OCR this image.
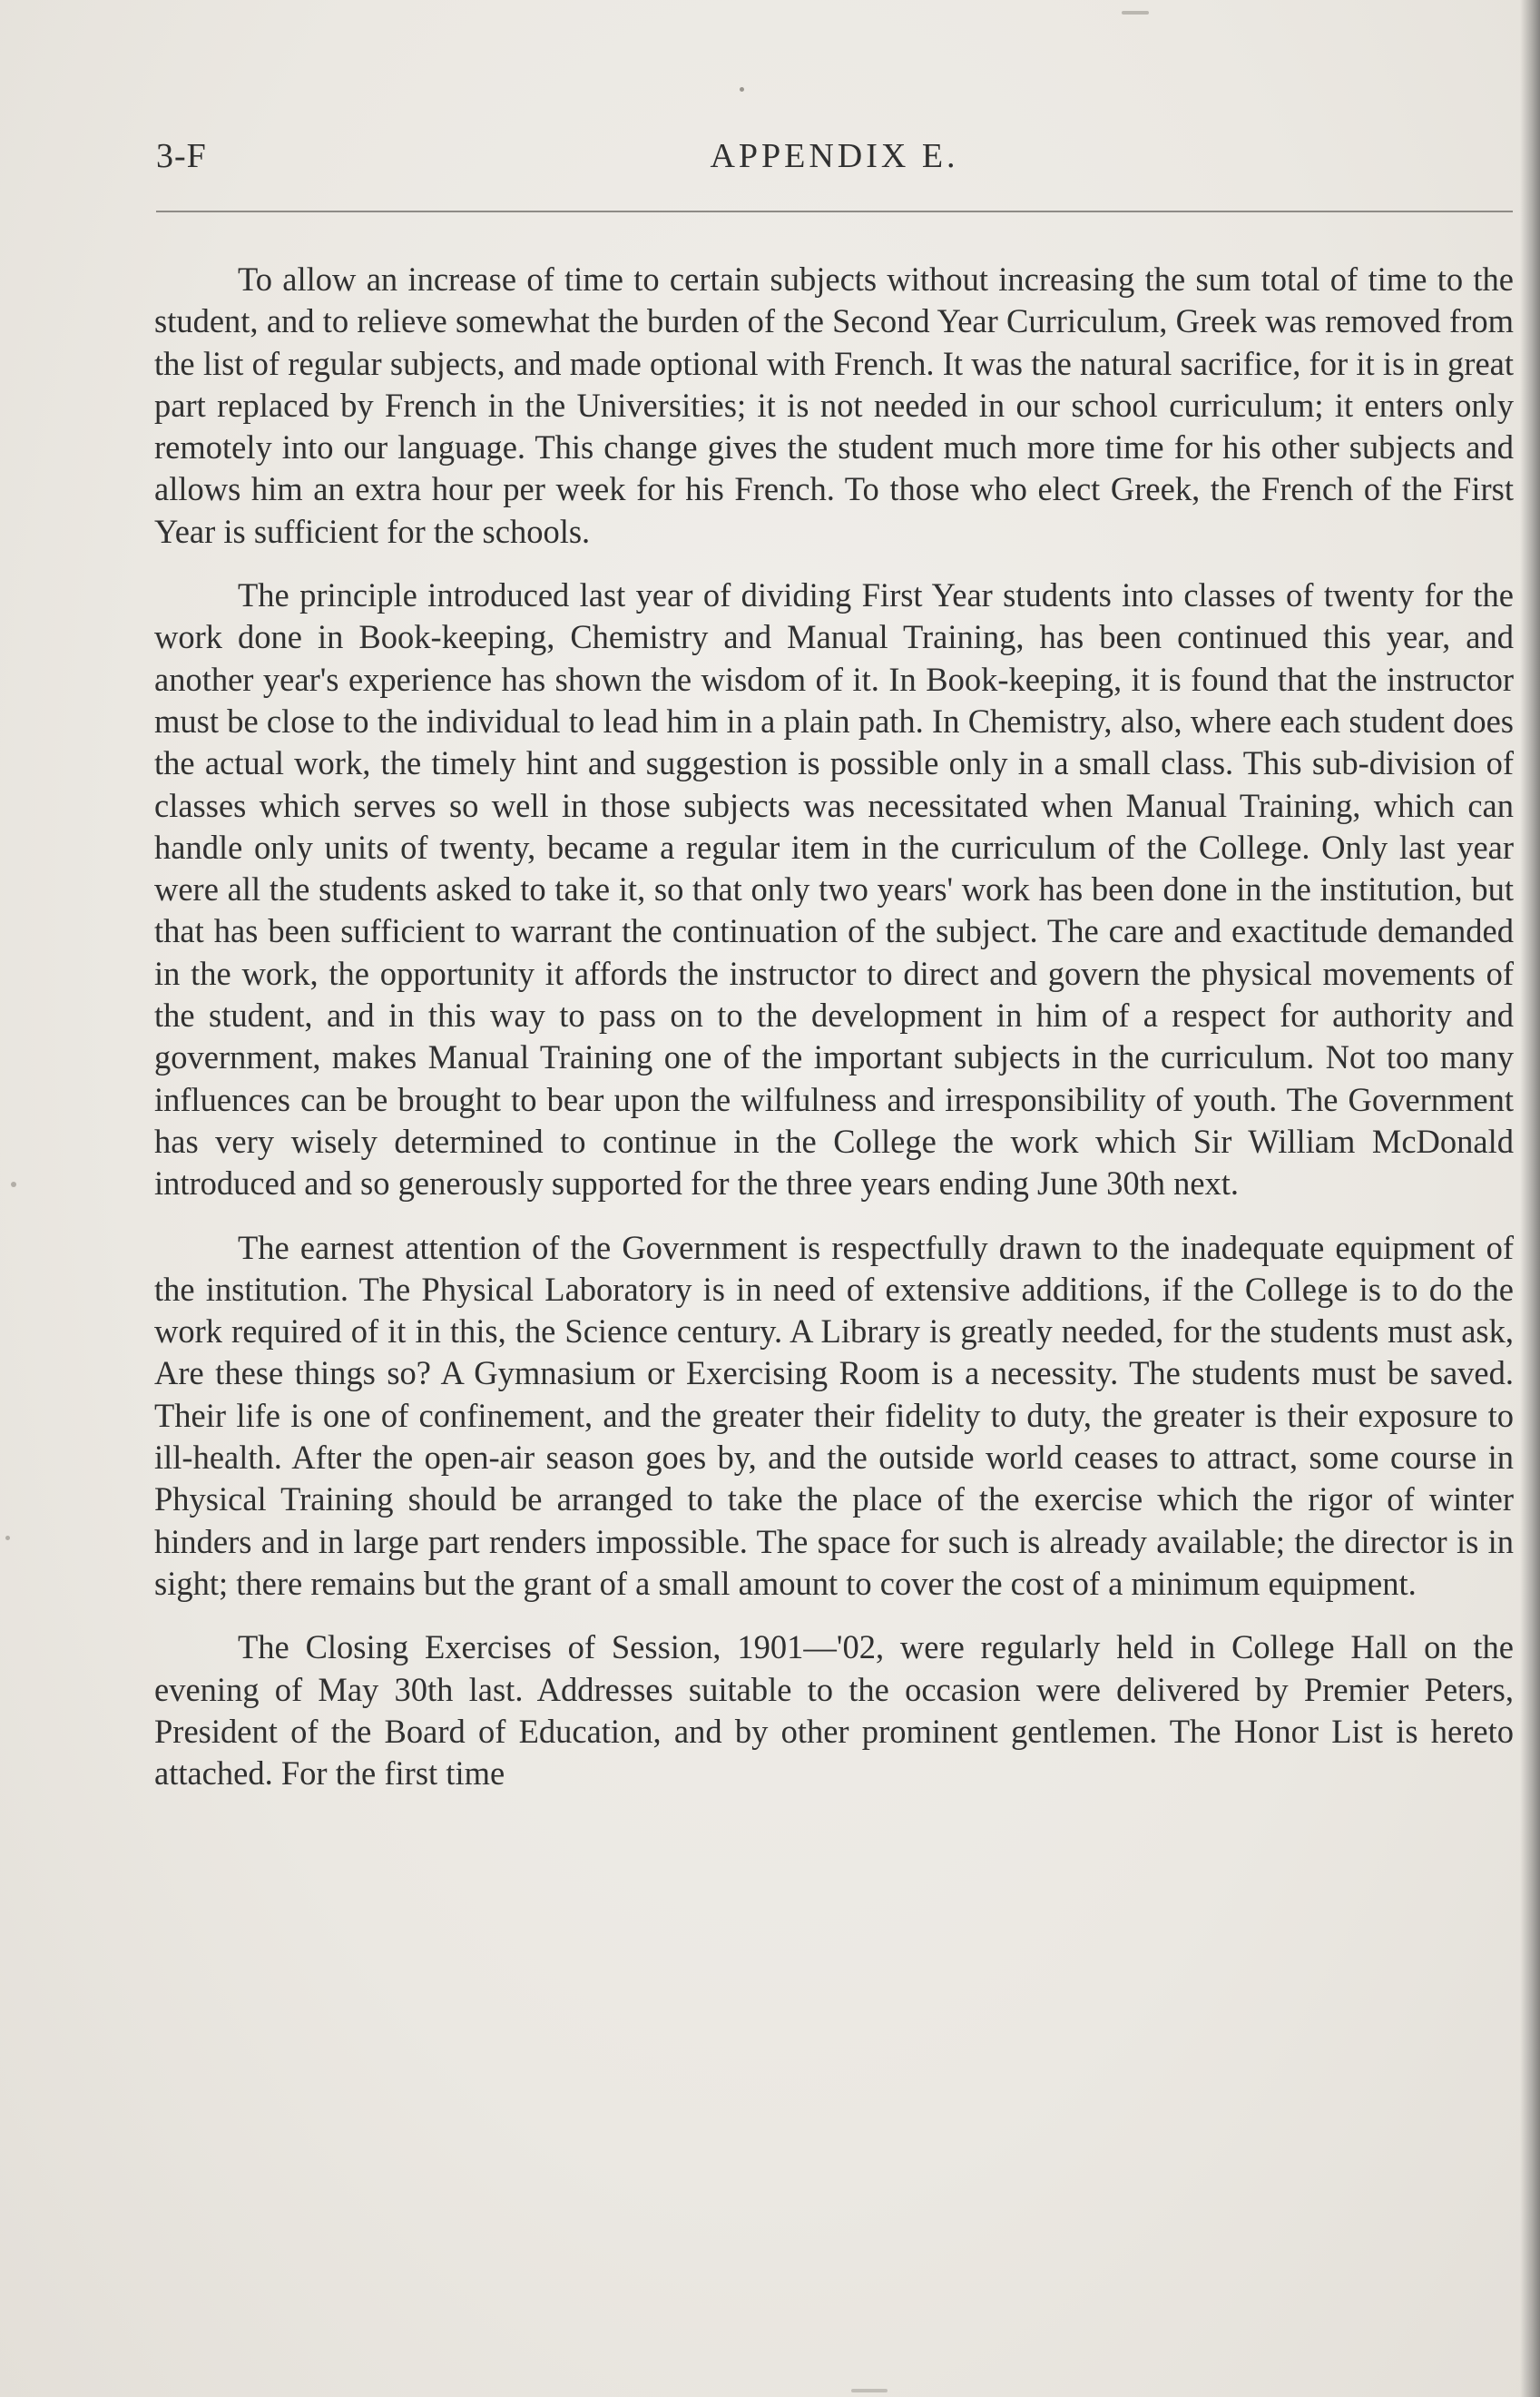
3-F	APPENDIX E.

To allow an increase of time to certain subjects without increasing the sum total of time to the student, and to relieve somewhat the burden of the Second Year Curriculum, Greek was removed from the list of regular subjects, and made optional with French. It was the natural sacrifice, for it is in great part replaced by French in the Universities; it is not needed in our school curriculum; it enters only remotely into our language. This change gives the student much more time for his other subjects and allows him an extra hour per week for his French. To those who elect Greek, the French of the First Year is sufficient for the schools.

The principle introduced last year of dividing First Year students into classes of twenty for the work done in Book-keeping, Chemistry and Manual Training, has been continued this year, and another year's experience has shown the wisdom of it. In Book-keeping, it is found that the instructor must be close to the individual to lead him in a plain path. In Chemistry, also, where each student does the actual work, the timely hint and suggestion is possible only in a small class. This sub-division of classes which serves so well in those subjects was necessitated when Manual Training, which can handle only units of twenty, became a regular item in the curriculum of the College. Only last year were all the students asked to take it, so that only two years' work has been done in the institution, but that has been sufficient to warrant the continuation of the subject. The care and exactitude demanded in the work, the opportunity it affords the instructor to direct and govern the physical movements of the student, and in this way to pass on to the development in him of a respect for authority and government, makes Manual Training one of the important subjects in the curriculum. Not too many influences can be brought to bear upon the wilfulness and irresponsibility of youth. The Government has very wisely determined to continue in the College the work which Sir William McDonald introduced and so generously supported for the three years ending June 30th next.

The earnest attention of the Government is respectfully drawn to the inadequate equipment of the institution. The Physical Laboratory is in need of extensive additions, if the College is to do the work required of it in this, the Science century. A Library is greatly needed, for the students must ask, Are these things so? A Gymnasium or Exercising Room is a necessity. The students must be saved. Their life is one of confinement, and the greater their fidelity to duty, the greater is their exposure to ill-health. After the open-air season goes by, and the outside world ceases to attract, some course in Physical Training should be arranged to take the place of the exercise which the rigor of winter hinders and in large part renders impossible. The space for such is already available; the director is in sight; there remains but the grant of a small amount to cover the cost of a minimum equipment.

The Closing Exercises of Session, 1901—'02, were regularly held in College Hall on the evening of May 30th last. Addresses suitable to the occasion were delivered by Premier Peters, President of the Board of Education, and by other prominent gentlemen. The Honor List is hereto attached. For the first time
